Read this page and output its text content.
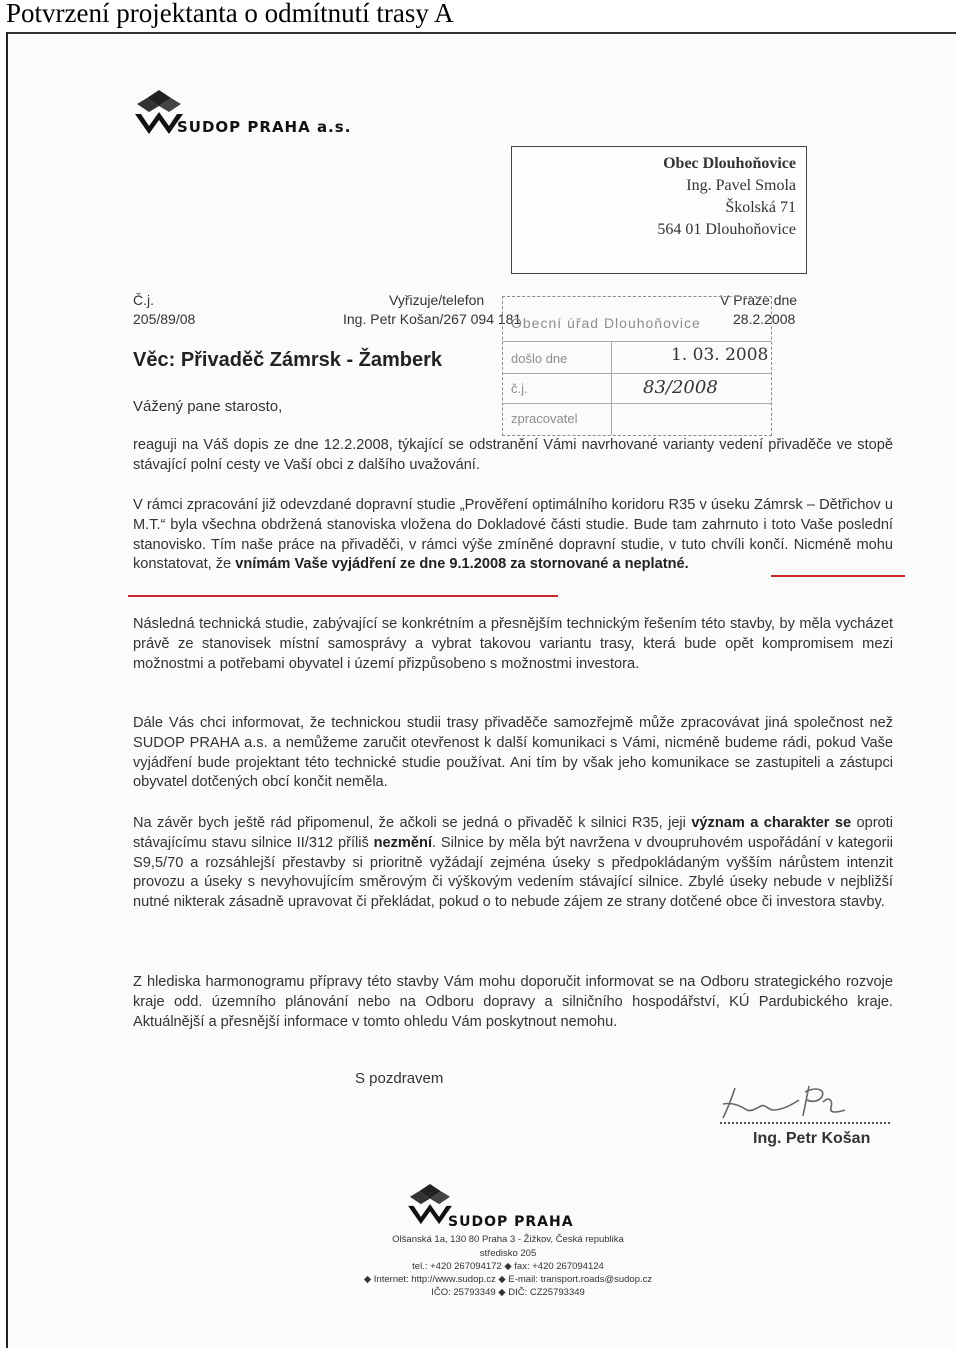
Potvrzení projektanta o odmítnutí trasy A
SUDOP PRAHA a.s.
Obec Dlouhoňovice
Ing. Pavel Smola
Školská 71
564 01 Dlouhoňovice
Č.j.
205/89/08
Vyřizuje/telefon
Ing. Petr Košan/267 094 181
V Praze dne
28.2.2008
Obecní úřad Dlouhoňovice
došlo dne	1. 03. 2008
č.j.	83/2008
zpracovatel
Věc: Přivaděč Zámrsk - Žamberk
Vážený pane starosto,
reaguji na Váš dopis ze dne 12.2.2008, týkající se odstranění Vámi navrhované varianty vedení přivaděče ve stopě stávající polní cesty ve Vaší obci z dalšího uvažování.
V rámci zpracování již odevzdané dopravní studie „Prověření optimálního koridoru R35 v úseku Zámrsk – Dětřichov u M.T.“ byla všechna obdržená stanoviska vložena do Dokladové části studie. Bude tam zahrnuto i toto Vaše poslední stanovisko. Tím naše práce na přivaděči, v rámci výše zmíněné dopravní studie, v tuto chvíli končí. Nicméně mohu konstatovat, že vnímám Vaše vyjádření ze dne 9.1.2008 za stornované a neplatné.
Následná technická studie, zabývající se konkrétním a přesnějším technickým řešením této stavby, by měla vycházet právě ze stanovisek místní samosprávy a vybrat takovou variantu trasy, která bude opět kompromisem mezi možnostmi a potřebami obyvatel i území přizpůsobeno s možnostmi investora.
Dále Vás chci informovat, že technickou studii trasy přivaděče samozřejmě může zpracovávat jiná společnost než SUDOP PRAHA a.s. a nemůžeme zaručit otevřenost k další komunikaci s Vámi, nicméně budeme rádi, pokud Vaše vyjádření bude projektant této technické studie používat. Ani tím by však jeho komunikace se zastupiteli a zástupci obyvatel dotčených obcí končit neměla.
Na závěr bych ještě rád připomenul, že ačkoli se jedná o přivaděč k silnici R35, jeji význam a charakter se oproti stávajícímu stavu silnice II/312 příliš nezmění. Silnice by měla být navržena v dvoupruhovém uspořádání v kategorii S9,5/70 a rozsáhlejší přestavby si prioritně vyžádají zejména úseky s předpokládaným vyšším nárůstem intenzit provozu a úseky s nevyhovujícím směrovým či výškovým vedením stávající silnice. Zbylé úseky nebude v nejbližší nutné nikterak zásadně upravovat či překládat, pokud o to nebude zájem ze strany dotčené obce či investora stavby.
Z hlediska harmonogramu přípravy této stavby Vám mohu doporučit informovat se na Odboru strategického rozvoje kraje odd. územního plánování nebo na Odboru dopravy a silničního hospodářství, KÚ Pardubického kraje. Aktuálnější a přesnější informace v tomto ohledu Vám poskytnout nemohu.
S pozdravem
Ing. Petr Košan
SUDOP PRAHA
Olšanská 1a, 130 80 Praha 3 - Žižkov, Česká republika
středisko 205
tel.: +420 267094172 ◆ fax: +420 267094124
◆ Internet: http://www.sudop.cz ◆ E-mail: transport.roads@sudop.cz
IČO: 25793349 ◆ DIČ: CZ25793349
